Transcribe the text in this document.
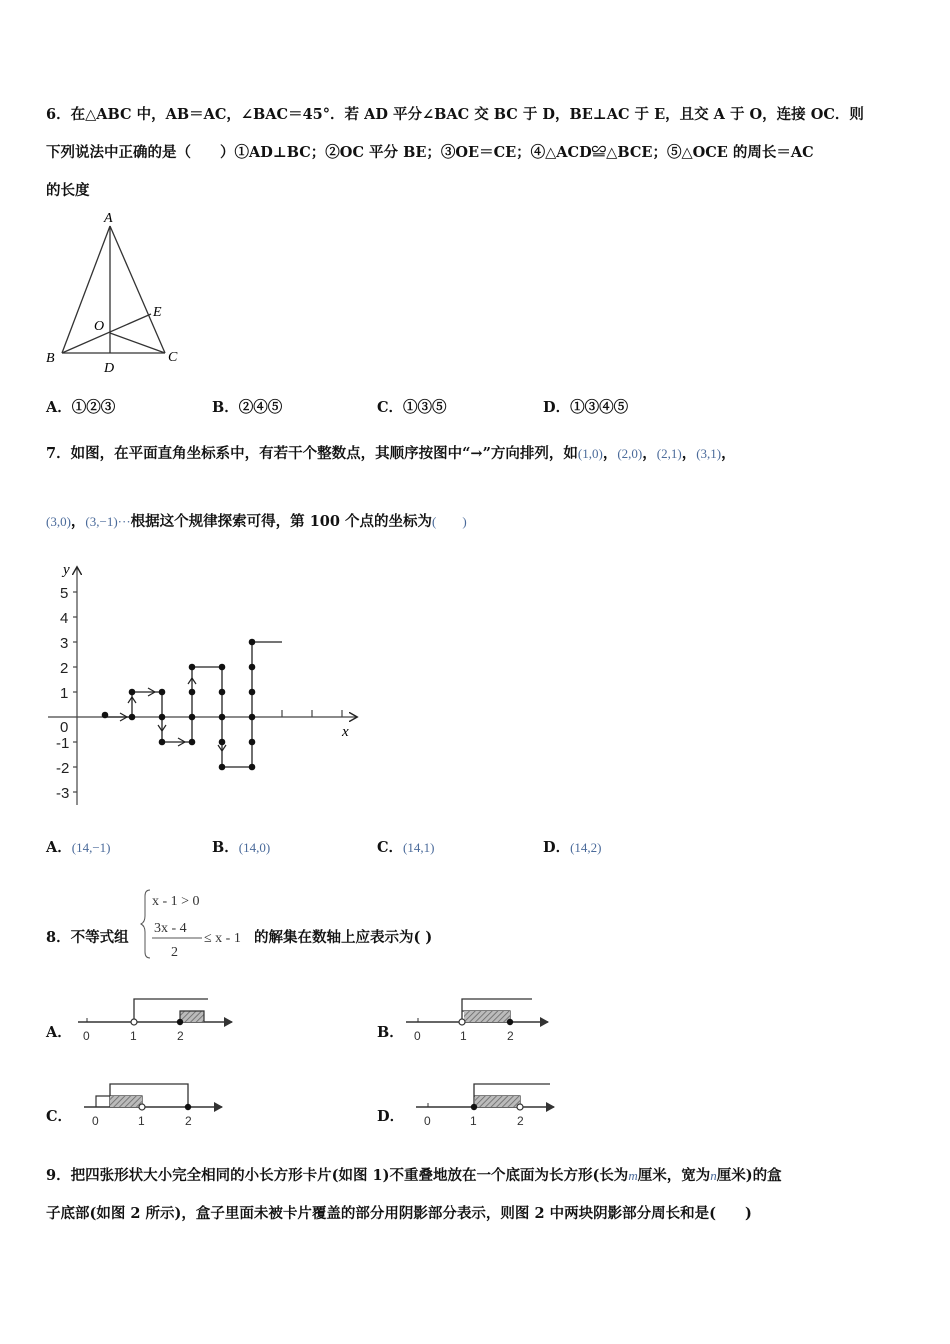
6．在△ABC 中，AB＝AC，∠BAC＝45°．若 AD 平分∠BAC 交 BC 于 D，BE⊥AC 于 E，且交 A 于 O，连接 OC．则
下列说法中正确的是（　　）①AD⊥BC；②OC 平分 BE；③OE＝CE；④△ACD≌△BCE；⑤△OCE 的周长＝AC
的长度
A
B	C
D
E
O
A．①②③	B．②④⑤	C．①③⑤	D．①③④⑤
7．如图，在平面直角坐标系中，有若干个整数点，其顺序按图中“→”方向排列，如(1,0)，(2,0)，(2,1)，(3,1)，
(3,0)，(3,−1)···根据这个规律探索可得，第 100 个点的坐标为(　　)
y
x
0
5
4
3
2
1
-1
-2
-3
A．(14,−1)	B．(14,0)	C．(14,1)	D．(14,2)
8．不等式组
x - 1 > 0
3x - 4
2
≤ x - 1 的解集在数轴上应表示为( )
A． 0	1	2	B． 0	1	2
C． 0	1	2	D． 0	1	2
9．把四张形状大小完全相同的小长方形卡片(如图 1)不重叠地放在一个底面为长方形(长为m厘米，宽为n厘米)的盒
子底部(如图 2 所示)，盒子里面未被卡片覆盖的部分用阴影部分表示，则图 2 中两块阴影部分周长和是(　　)
